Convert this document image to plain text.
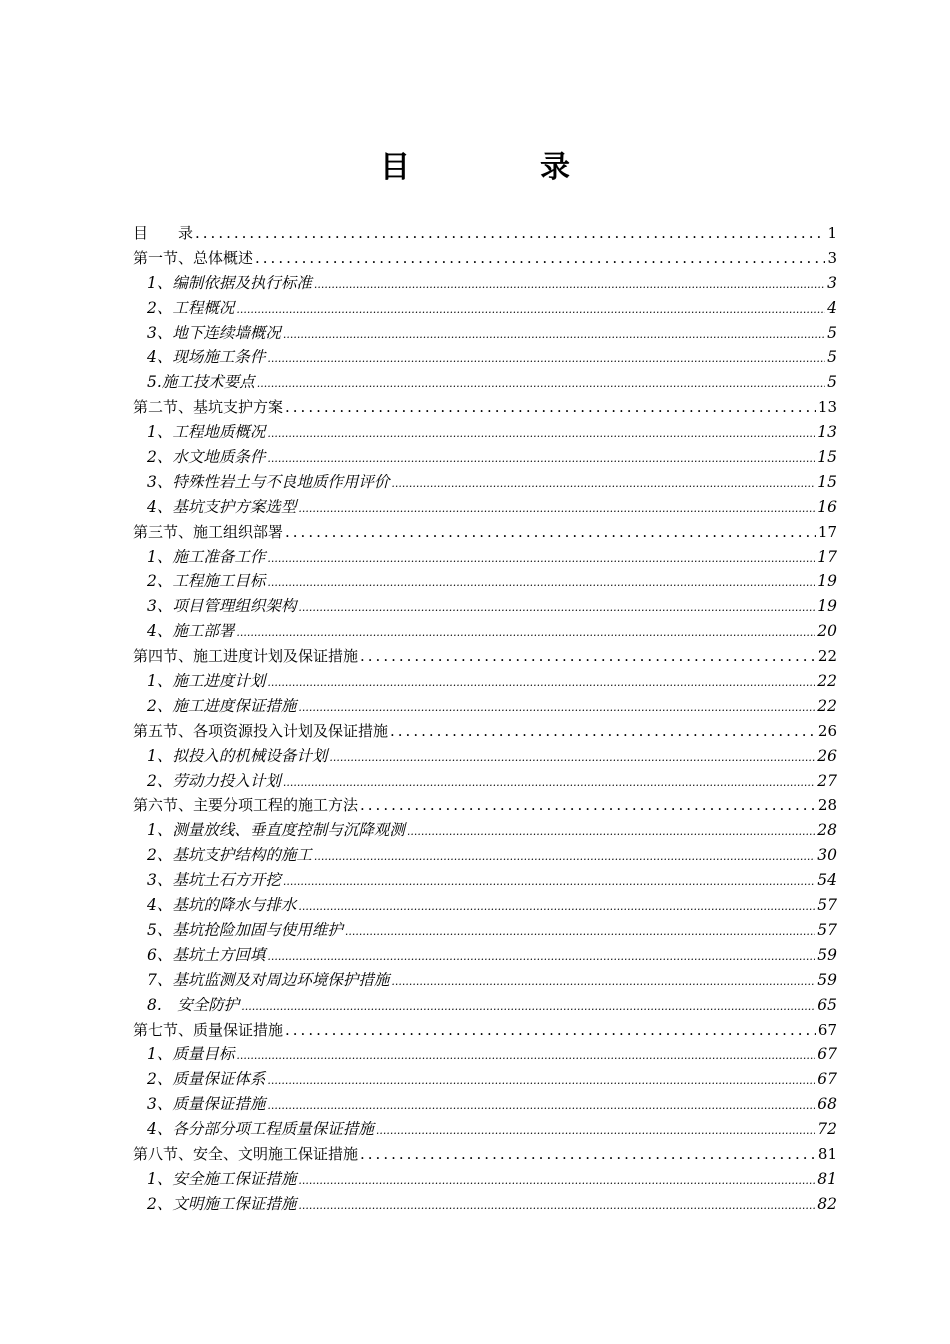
目　录
目　　录 .....	1
第一节、总体概述 .....	3
1、编制依据及执行标准 .....	3
2、工程概况 .....	4
3、地下连续墙概况 .....	5
4、现场施工条件 .....	5
5.施工技术要点 .....	5
第二节、基坑支护方案 .....	13
1、工程地质概况 .....	13
2、水文地质条件 .....	15
3、特殊性岩土与不良地质作用评价 .....	15
4、基坑支护方案选型 .....	16
第三节、施工组织部署 .....	17
1、施工准备工作 .....	17
2、工程施工目标 .....	19
3、项目管理组织架构 .....	19
4、施工部署 .....	20
第四节、施工进度计划及保证措施 .....	22
1、施工进度计划 .....	22
2、施工进度保证措施 .....	22
第五节、各项资源投入计划及保证措施 .....	26
1、拟投入的机械设备计划 .....	26
2、劳动力投入计划 .....	27
第六节、主要分项工程的施工方法 .....	28
1、测量放线、垂直度控制与沉降观测 .....	28
2、基坑支护结构的施工 .....	30
3、基坑土石方开挖 .....	54
4、基坑的降水与排水 .....	57
5、基坑抢险加固与使用维护 .....	57
6、基坑土方回填 .....	59
7、基坑监测及对周边环境保护措施 .....	59
8.　安全防护 .....	65
第七节、质量保证措施 .....	67
1、质量目标 .....	67
2、质量保证体系 .....	67
3、质量保证措施 .....	68
4、各分部分项工程质量保证措施 .....	72
第八节、安全、文明施工保证措施 .....	81
1、安全施工保证措施 .....	81
2、文明施工保证措施 .....	82
